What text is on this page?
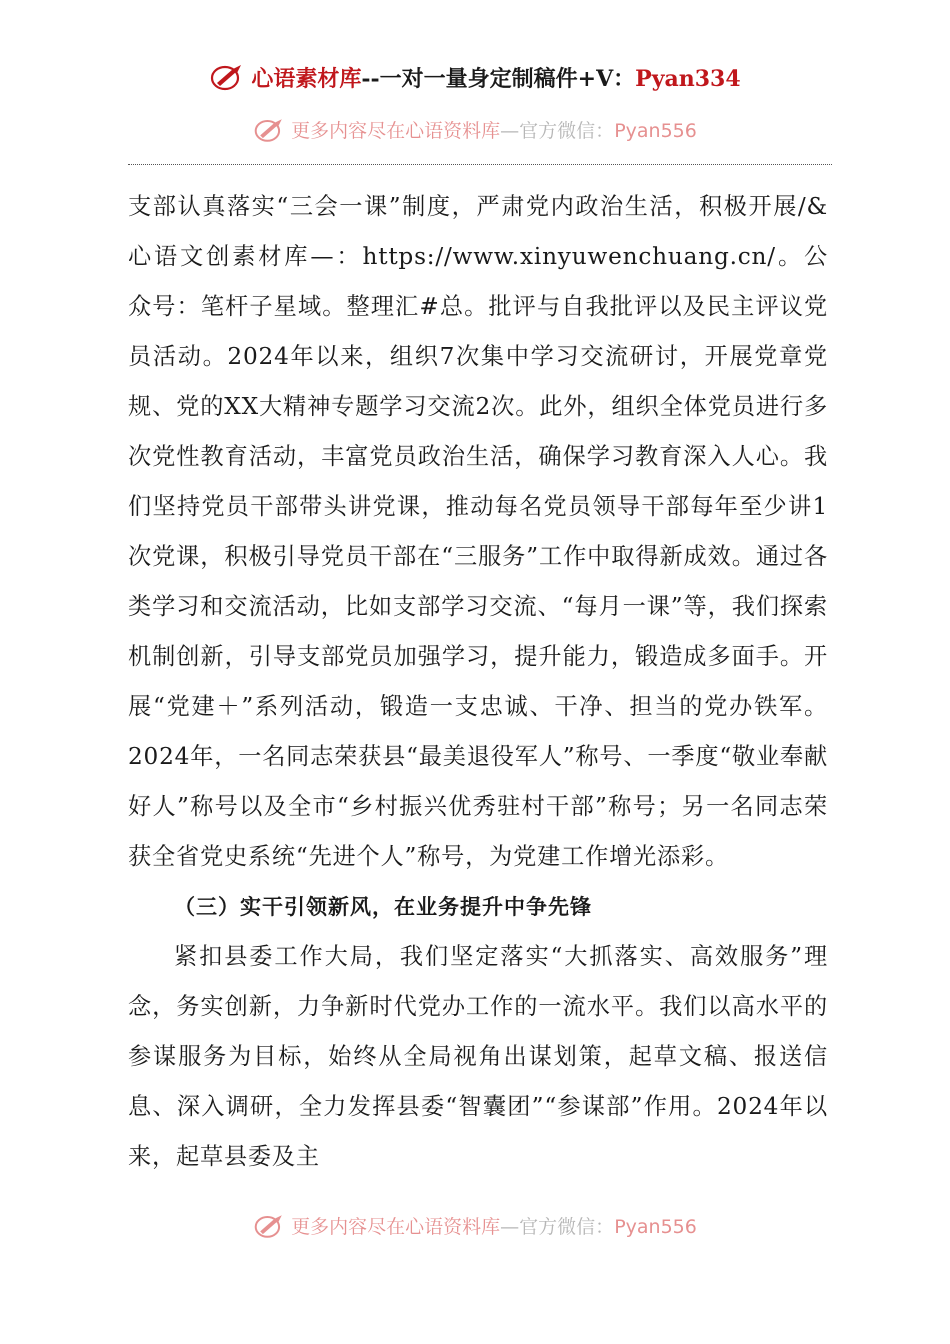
心语素材库--一对一量身定制稿件+V：Pyan334
更多内容尽在心语资料库—官方微信：Pyan556

支部认真落实“三会一课”制度，严肃党内政治生活，积极开展/&心语文创素材库—：https://www.xinyuwenchuang.cn/。公众号：笔杆子星域。整理汇#总。批评与自我批评以及民主评议党员活动。2024年以来，组织7次集中学习交流研讨，开展党章党规、党的XX大精神专题学习交流2次。此外，组织全体党员进行多次党性教育活动，丰富党员政治生活，确保学习教育深入人心。我们坚持党员干部带头讲党课，推动每名党员领导干部每年至少讲1次党课，积极引导党员干部在“三服务”工作中取得新成效。通过各类学习和交流活动，比如支部学习交流、“每月一课”等，我们探索机制创新，引导支部党员加强学习，提升能力，锻造成多面手。开展“党建＋”系列活动，锻造一支忠诚、干净、担当的党办铁军。2024年，一名同志荣获县“最美退役军人”称号、一季度“敬业奉献好人”称号以及全市“乡村振兴优秀驻村干部”称号；另一名同志荣获全省党史系统“先进个人”称号，为党建工作增光添彩。

（三）实干引领新风，在业务提升中争先锋

紧扣县委工作大局，我们坚定落实“大抓落实、高效服务”理念，务实创新，力争新时代党办工作的一流水平。我们以高水平的参谋服务为目标，始终从全局视角出谋划策，起草文稿、报送信息、深入调研，全力发挥县委“智囊团”“参谋部”作用。2024年以来，起草县委及主

更多内容尽在心语资料库—官方微信：Pyan556
